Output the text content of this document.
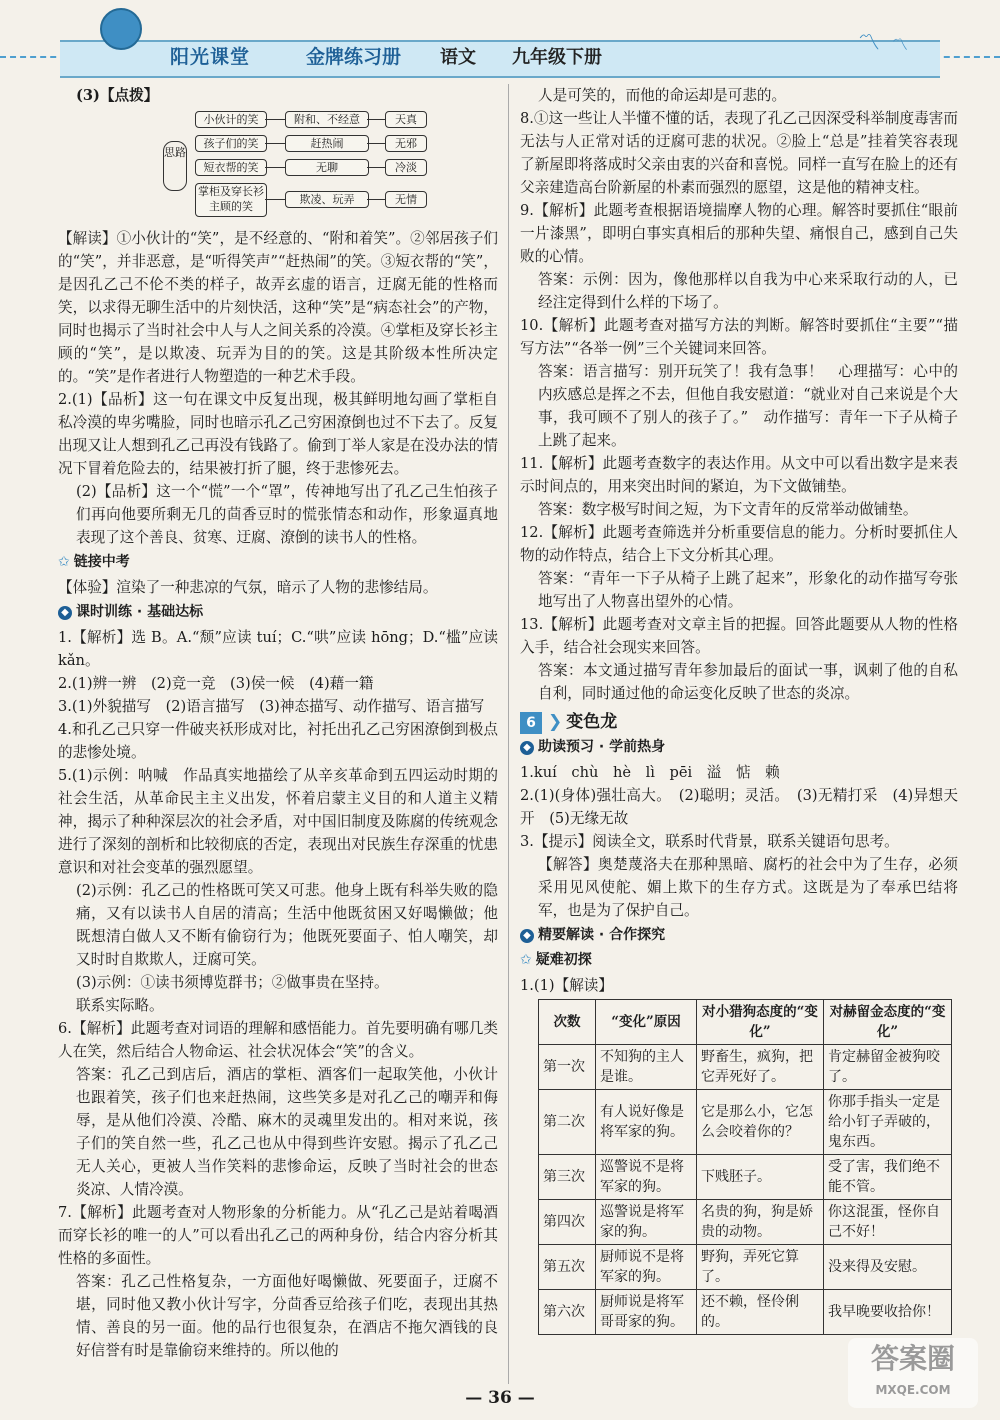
阳光课堂	金牌练习册 语文 九年级下册
〽 〽

(3)【点拨】

思路
小伙计的笑
孩子们的笑
短衣帮的笑
掌柜及穿长衫主顾的笑
附和、不经意
赶热闹
无聊
欺凌、玩弄
天真
无邪
冷淡
无情

【解读】①小伙计的“笑”，是不经意的、“附和着笑”。②邻居孩子们的“笑”，并非恶意，是“听得笑声”“赶热闹”的笑。③短衣帮的“笑”，是因孔乙己不伦不类的样子，故弄玄虚的语言，迂腐无能的性格而笑，以求得无聊生活中的片刻快活，这种“笑”是“病态社会”的产物，同时也揭示了当时社会中人与人之间关系的冷漠。④掌柜及穿长衫主顾的“笑”，是以欺凌、玩弄为目的的笑。这是其阶级本性所决定的。“笑”是作者进行人物塑造的一种艺术手段。

2.(1)【品析】这一句在课文中反复出现，极其鲜明地勾画了掌柜自私冷漠的卑劣嘴脸，同时也暗示孔乙己穷困潦倒也过不下去了。反复出现又让人想到孔乙己再没有钱路了。偷到丁举人家是在没办法的情况下冒着危险去的，结果被打折了腿，终于悲惨死去。

(2)【品析】这一个“慌”一个“罩”，传神地写出了孔乙己生怕孩子们再向他要所剩无几的茴香豆时的慌张情态和动作，形象逼真地表现了这个善良、贫寒、迂腐、潦倒的读书人的性格。

✩ 链接中考

【体验】渲染了一种悲凉的气氛，暗示了人物的悲惨结局。

◆ 课时训练 · 基础达标

1.【解析】选 B。A.“颓”应读 tuí；C.“哄”应读 hōng；D.“槛”应读 kǎn。

2.(1)辨一辨　(2)竞一竞　(3)侯一候　(4)藉一籍

3.(1)外貌描写　(2)语言描写　(3)神态描写、动作描写、语言描写

4.和孔乙己只穿一件破夹袄形成对比，衬托出孔乙己穷困潦倒到极点的悲惨处境。

5.(1)示例：呐喊　作品真实地描绘了从辛亥革命到五四运动时期的社会生活，从革命民主主义出发，怀着启蒙主义目的和人道主义精神，揭示了种种深层次的社会矛盾，对中国旧制度及陈腐的传统观念进行了深刻的剖析和比较彻底的否定，表现出对民族生存深重的忧患意识和对社会变革的强烈愿望。

(2)示例：孔乙己的性格既可笑又可悲。他身上既有科举失败的隐痛，又有以读书人自居的清高；生活中他既贫困又好喝懒做；他既想清白做人又不断有偷窃行为；他既死要面子、怕人嘲笑，却又时时自欺欺人，迂腐可笑。

(3)示例：①读书须博览群书；②做事贵在坚持。

联系实际略。

6.【解析】此题考查对词语的理解和感悟能力。首先要明确有哪几类人在笑，然后结合人物命运、社会状况体会“笑”的含义。

答案：孔乙己到店后，酒店的掌柜、酒客们一起取笑他，小伙计也跟着笑，孩子们也来赶热闹，这些笑多是对孔乙己的嘲弄和侮辱，是从他们冷漠、冷酷、麻木的灵魂里发出的。相对来说，孩子们的笑自然一些，孔乙己也从中得到些许安慰。揭示了孔乙己无人关心，更被人当作笑料的悲惨命运，反映了当时社会的世态炎凉、人情冷漠。

7.【解析】此题考查对人物形象的分析能力。从“孔乙己是站着喝酒而穿长衫的唯一的人”可以看出孔乙己的两种身份，结合内容分析其性格的多面性。

答案：孔乙己性格复杂，一方面他好喝懒做、死要面子，迂腐不堪，同时他又教小伙计写字，分茴香豆给孩子们吃，表现出其热情、善良的另一面。他的品行也很复杂，在酒店不拖欠酒钱的良好信誉有时是靠偷窃来维持的。所以他的

人是可笑的，而他的命运却是可悲的。

8.①这一些让人半懂不懂的话，表现了孔乙己因深受科举制度毒害而无法与人正常对话的迂腐可悲的状况。②脸上“总是”挂着笑容表现了新屋即将落成时父亲由衷的兴奋和喜悦。同样一直写在脸上的还有父亲建造高台阶新屋的朴素而强烈的愿望，这是他的精神支柱。

9.【解析】此题考查根据语境揣摩人物的心理。解答时要抓住“眼前一片漆黑”，即明白事实真相后的那种失望、痛恨自己，感到自己失败的心情。

答案：示例：因为，像他那样以自我为中心来采取行动的人，已经注定得到什么样的下场了。

10.【解析】此题考查对描写方法的判断。解答时要抓住“主要”“描写方法”“各举一例”三个关键词来回答。

答案：语言描写：别开玩笑了！我有急事！　心理描写：心中的内疚感总是挥之不去，但他自我安慰道：“就业对自己来说是个大事，我可顾不了别人的孩子了。”　动作描写：青年一下子从椅子上跳了起来。

11.【解析】此题考查数字的表达作用。从文中可以看出数字是来表示时间点的，用来突出时间的紧迫，为下文做铺垫。

答案：数字极写时间之短，为下文青年的反常举动做铺垫。

12.【解析】此题考查筛选并分析重要信息的能力。分析时要抓住人物的动作特点，结合上下文分析其心理。

答案：“青年一下子从椅子上跳了起来”，形象化的动作描写夸张地写出了人物喜出望外的心情。

13.【解析】此题考查对文章主旨的把握。回答此题要从人物的性格入手，结合社会现实来回答。

答案：本文通过描写青年参加最后的面试一事，讽刺了他的自私自利，同时通过他的命运变化反映了世态的炎凉。

6 ❯ 变色龙
◆ 助读预习 · 学前热身

1.kuí　chù　hè　lì　pēi　溢　惦　赖

2.(1)(身体)强壮高大。　(2)聪明；灵活。　(3)无精打采　(4)异想天开　(5)无缘无故

3.【提示】阅读全文，联系时代背景，联系关键语句思考。

【解答】奥楚蔑洛夫在那种黑暗、腐朽的社会中为了生存，必须采用见风使舵、媚上欺下的生存方式。这既是为了奉承巴结将军，也是为了保护自己。

◆ 精要解读 · 合作探究
✩ 疑难初探

1.(1)【解读】

次数	“变化”原因	对小猎狗态度的“变化”	对赫留金态度的“变化”
第一次	不知狗的主人是谁。	野畜生，疯狗，把它弄死好了。	肯定赫留金被狗咬了。
第二次	有人说好像是将军家的狗。	它是那么小，它怎么会咬着你的？	你那手指头一定是给小钉子弄破的，鬼东西。
第三次	巡警说不是将军家的狗。	下贱胚子。	受了害，我们绝不能不管。
第四次	巡警说是将军家的狗。	名贵的狗，狗是娇贵的动物。	你这混蛋，怪你自己不好！
第五次	厨师说不是将军家的狗。	野狗，弄死它算了。	没来得及安慰。
第六次	厨师说是将军哥哥家的狗。	还不赖，怪伶俐的。	我早晚要收拾你！
— 36 —
答案圈
MXQE.COM
